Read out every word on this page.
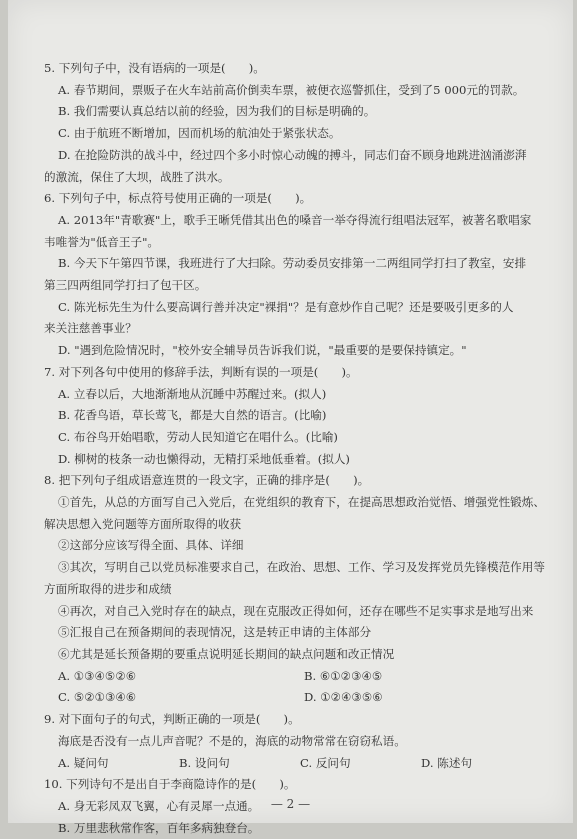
5. 下列句子中，没有语病的一项是(　　)。
A. 春节期间，票贩子在火车站前高价倒卖车票，被便衣巡警抓住，受到了5 000元的罚款。
B. 我们需要认真总结以前的经验，因为我们的目标是明确的。
C. 由于航班不断增加，因而机场的航油处于紧张状态。
D. 在抢险防洪的战斗中，经过四个多小时惊心动魄的搏斗，同志们奋不顾身地跳进汹涌澎湃
的激流，保住了大坝，战胜了洪水。
6. 下列句子中，标点符号使用正确的一项是(　　)。
A. 2013年"青歌赛"上，歌手王晰凭借其出色的嗓音一举夺得流行组唱法冠军，被著名歌唱家
韦唯誉为"低音王子"。
B. 今天下午第四节课，我班进行了大扫除。劳动委员安排第一二两组同学打扫了教室，安排
第三四两组同学打扫了包干区。
C. 陈光标先生为什么要高调行善并决定"裸捐"？是有意炒作自己呢？还是要吸引更多的人
来关注慈善事业？
D. "遇到危险情况时，"校外安全辅导员告诉我们说，"最重要的是要保持镇定。"
7. 对下列各句中使用的修辞手法，判断有误的一项是(　　)。
A. 立春以后，大地渐渐地从沉睡中苏醒过来。(拟人)
B. 花香鸟语，草长莺飞，都是大自然的语言。(比喻)
C. 布谷鸟开始唱歌，劳动人民知道它在唱什么。(比喻)
D. 柳树的枝条一动也懒得动，无精打采地低垂着。(拟人)
8. 把下列句子组成语意连贯的一段文字，正确的排序是(　　)。
①首先，从总的方面写自己入党后，在党组织的教育下，在提高思想政治觉悟、增强党性锻炼、
解决思想入党问题等方面所取得的收获
②这部分应该写得全面、具体、详细
③其次，写明自己以党员标准要求自己，在政治、思想、工作、学习及发挥党员先锋模范作用等
方面所取得的进步和成绩
④再次，对自己入党时存在的缺点，现在克服改正得如何，还存在哪些不足实事求是地写出来
⑤汇报自己在预备期间的表现情况，这是转正申请的主体部分
⑥尤其是延长预备期的要重点说明延长期间的缺点问题和改正情况
A. ①③④⑤②⑥	B. ⑥①②③④⑤
C. ⑤②①③④⑥	D. ①②④③⑤⑥
9. 对下面句子的句式，判断正确的一项是(　　)。
海底是否没有一点儿声音呢？不是的，海底的动物常常在窃窃私语。
A. 疑问句	B. 设问句	C. 反问句	D. 陈述句
10. 下列诗句不是出自于李商隐诗作的是(　　)。
A. 身无彩凤双飞翼，心有灵犀一点通。
B. 万里悲秋常作客，百年多病独登台。
— 2 —
